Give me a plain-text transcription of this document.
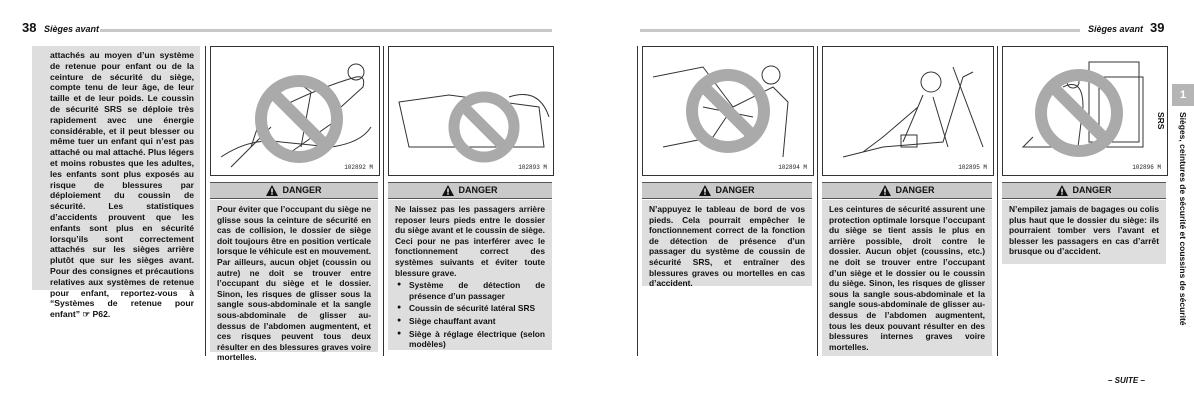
38 Sièges avant

attachés au moyen d’un système de retenue pour enfant ou de la ceinture de sécurité du siège, compte tenu de leur âge, de leur taille et de leur poids. Le coussin de sécurité SRS se déploie très rapidement avec une énergie considérable, et il peut blesser ou même tuer un enfant qui n’est pas attaché ou mal attaché. Plus légers et moins robustes que les adultes, les enfants sont plus exposés au risque de blessures par déploiement du coussin de sécurité. Les statistiques d’accidents prouvent que les enfants sont plus en sécurité lorsqu’ils sont correctement attachés sur les sièges arrière plutôt que sur les sièges avant. Pour des consignes et précautions relatives aux systèmes de retenue pour enfant, reportez-vous à “Systèmes de retenue pour enfant” ☞ P62.

102892 M
DANGER
Pour éviter que l’occupant du siège ne glisse sous la ceinture de sécurité en cas de collision, le dossier de siège doit toujours être en position verticale lorsque le véhicule est en mouvement. Par ailleurs, aucun objet (coussin ou autre) ne doit se trouver entre l’occupant du siège et le dossier. Sinon, les risques de glisser sous la sangle sous-abdominale et la sangle sous-abdominale de glisser au-dessus de l’abdomen augmentent, et ces risques peuvent tous deux résulter en des blessures graves voire mortelles.
102893 M
DANGER
Ne laissez pas les passagers arrière reposer leurs pieds entre le dossier du siège avant et le coussin de siège. Ceci pour ne pas interférer avec le fonctionnement correct des systèmes suivants et éviter toute blessure grave.
● Système de détection de présence d’un passager
● Coussin de sécurité latéral SRS
● Siège chauffant avant
● Siège à réglage électrique (selon modèles)
Sièges avant 39
102894 M
DANGER
N’appuyez le tableau de bord de vos pieds. Cela pourrait empêcher le fonctionnement correct de la fonction de détection de présence d’un passager du système de coussin de sécurité SRS, et entraîner des blessures graves ou mortelles en cas d’accident.
102895 M
DANGER
Les ceintures de sécurité assurent une protection optimale lorsque l’occupant du siège se tient assis le plus en arrière possible, droit contre le dossier. Aucun objet (coussins, etc.) ne doit se trouver entre l’occupant d’un siège et le dossier ou le coussin du siège. Sinon, les risques de glisser sous la sangle sous-abdominale et la sangle sous-abdominale de glisser au-dessus de l’abdomen augmentent, tous les deux pouvant résulter en des blessures internes graves voire mortelles.
102896 M
DANGER
N’empilez jamais de bagages ou colis plus haut que le dossier du siège: ils pourraient tomber vers l’avant et blesser les passagers en cas d’arrêt brusque ou d’accident.
1
Sièges, ceintures de sécurité et coussins de sécurité SRS
– SUITE –
